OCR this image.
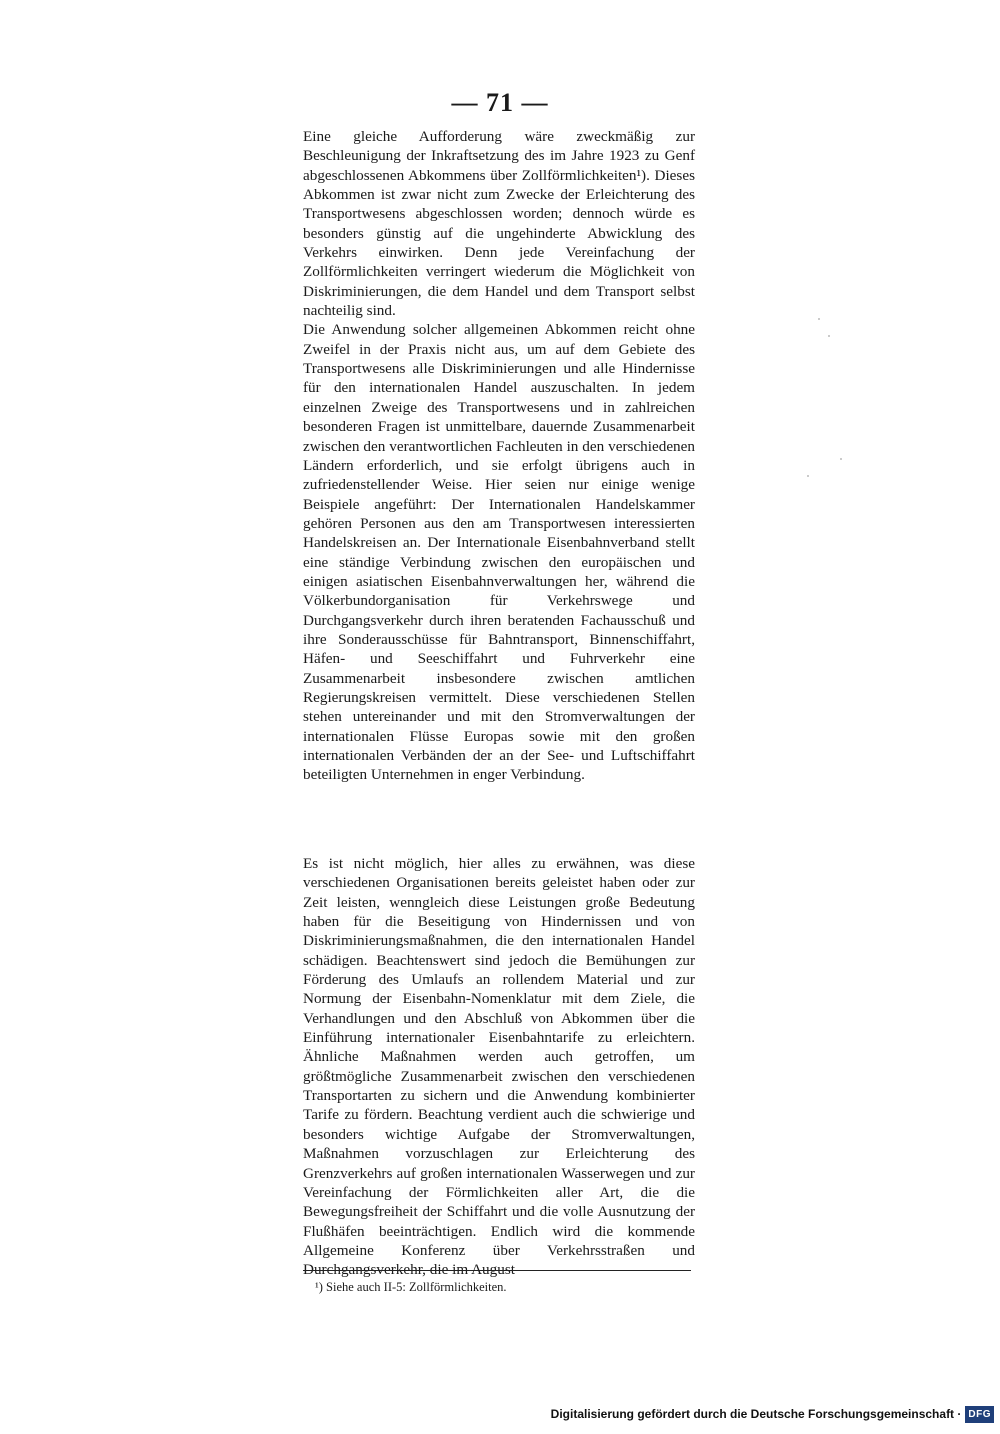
— 71 —

Eine gleiche Aufforderung wäre zweckmäßig zur Beschleunigung der Inkraftsetzung des im Jahre 1923 zu Genf abgeschlossenen Abkommens über Zollförmlichkeiten¹). Dieses Abkommen ist zwar nicht zum Zwecke der Erleichterung des Transportwesens abgeschlossen worden; dennoch würde es besonders günstig auf die ungehinderte Abwicklung des Verkehrs einwirken. Denn jede Vereinfachung der Zollförmlichkeiten verringert wiederum die Möglichkeit von Diskriminierungen, die dem Handel und dem Transport selbst nachteilig sind.

Die Anwendung solcher allgemeinen Abkommen reicht ohne Zweifel in der Praxis nicht aus, um auf dem Gebiete des Transportwesens alle Diskriminierungen und alle Hindernisse für den internationalen Handel auszuschalten. In jedem einzelnen Zweige des Transportwesens und in zahlreichen besonderen Fragen ist unmittelbare, dauernde Zusammenarbeit zwischen den verantwortlichen Fachleuten in den verschiedenen Ländern erforderlich, und sie erfolgt übrigens auch in zufriedenstellender Weise. Hier seien nur einige wenige Beispiele angeführt: Der Internationalen Handelskammer gehören Personen aus den am Transportwesen interessierten Handelskreisen an. Der Internationale Eisenbahnverband stellt eine ständige Verbindung zwischen den europäischen und einigen asiatischen Eisenbahnverwaltungen her, während die Völkerbundorganisation für Verkehrswege und Durchgangsverkehr durch ihren beratenden Fachausschuß und ihre Sonderausschüsse für Bahntransport, Binnenschiffahrt, Häfen- und Seeschiffahrt und Fuhrverkehr eine Zusammenarbeit insbesondere zwischen amtlichen Regierungskreisen vermittelt. Diese verschiedenen Stellen stehen untereinander und mit den Stromverwaltungen der internationalen Flüsse Europas sowie mit den großen internationalen Verbänden der an der See- und Luftschiffahrt beteiligten Unternehmen in enger Verbindung.

Es ist nicht möglich, hier alles zu erwähnen, was diese verschiedenen Organisationen bereits geleistet haben oder zur Zeit leisten, wenngleich diese Leistungen große Bedeutung haben für die Beseitigung von Hindernissen und von Diskriminierungsmaßnahmen, die den internationalen Handel schädigen. Beachtenswert sind jedoch die Bemühungen zur Förderung des Umlaufs an rollendem Material und zur Normung der Eisenbahn-Nomenklatur mit dem Ziele, die Verhandlungen und den Abschluß von Abkommen über die Einführung internationaler Eisenbahntarife zu erleichtern. Ähnliche Maßnahmen werden auch getroffen, um größtmögliche Zusammenarbeit zwischen den verschiedenen Transportarten zu sichern und die Anwendung kombinierter Tarife zu fördern. Beachtung verdient auch die schwierige und besonders wichtige Aufgabe der Stromverwaltungen, Maßnahmen vorzuschlagen zur Erleichterung des Grenzverkehrs auf großen internationalen Wasserwegen und zur Vereinfachung der Förmlichkeiten aller Art, die die Bewegungsfreiheit der Schiffahrt und die volle Ausnutzung der Flußhäfen beeinträchtigen. Endlich wird die kommende Allgemeine Konferenz über Verkehrsstraßen und Durchgangsverkehr, die im August

¹) Siehe auch II-5: Zollförmlichkeiten.
Digitalisierung gefördert durch die Deutsche Forschungsgemeinschaft · DFG
